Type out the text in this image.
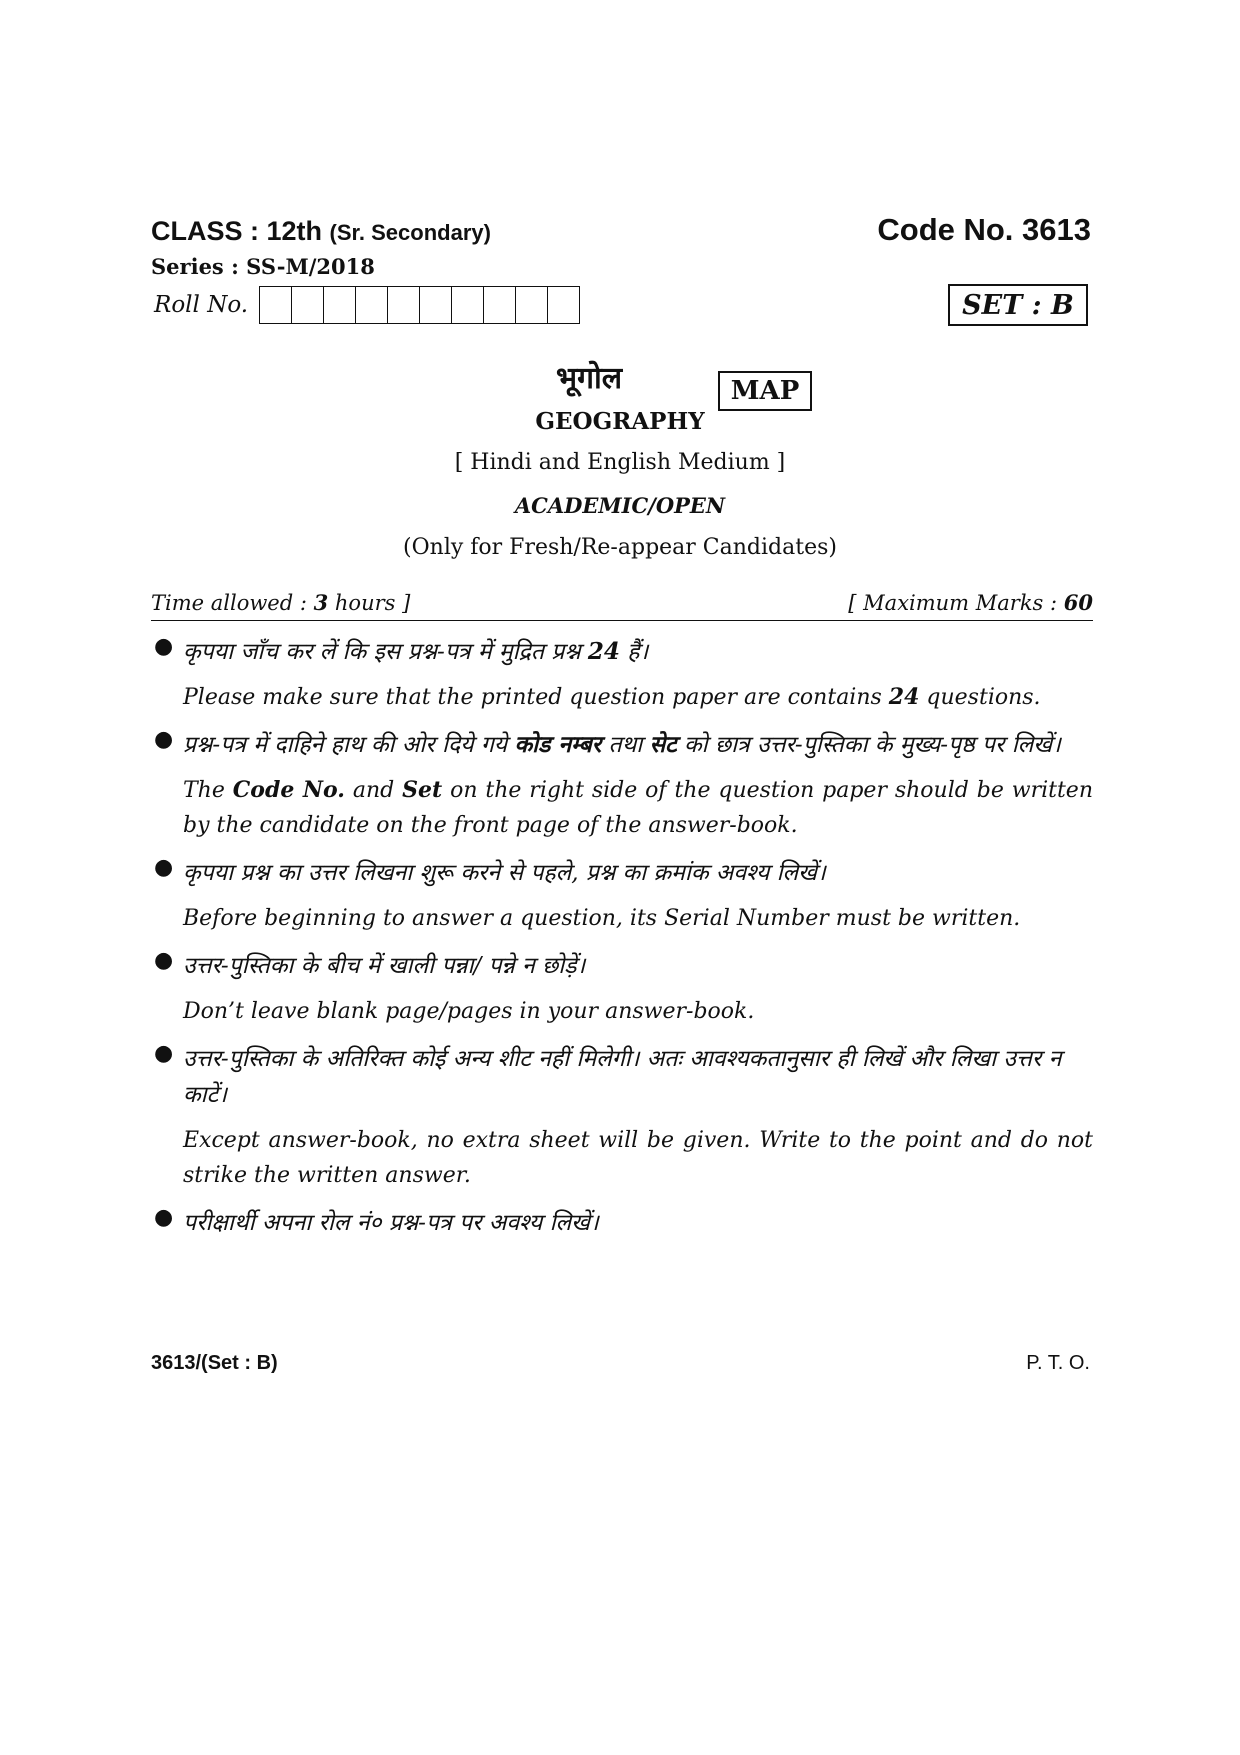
CLASS : 12th (Sr. Secondary)
Series : SS-M/2018
Code No. 3613
Roll No.	SET : B
भूगोल	MAP
GEOGRAPHY
[ Hindi and English Medium ]
ACADEMIC/OPEN
(Only for Fresh/Re-appear Candidates)
Time allowed : 3 hours ]	[ Maximum Marks : 60
● कृपया जाँच कर लें कि इस प्रश्न-पत्र में मुद्रित प्रश्न 24 हैं।

Please make sure that the printed question paper are contains 24 questions.

● प्रश्न-पत्र में दाहिने हाथ की ओर दिये गये कोड नम्बर तथा सेट को छात्र उत्तर-पुस्तिका के मुख्य-पृष्ठ पर लिखें।

The Code No. and Set on the right side of the question paper should be written by the candidate on the front page of the answer-book.

● कृपया प्रश्न का उत्तर लिखना शुरू करने से पहले, प्रश्न का क्रमांक अवश्य लिखें।

Before beginning to answer a question, its Serial Number must be written.

● उत्तर-पुस्तिका के बीच में खाली पन्ना/ पन्ने न छोड़ें।

Don’t leave blank page/pages in your answer-book.

● उत्तर-पुस्तिका के अतिरिक्त कोई अन्य शीट नहीं मिलेगी। अतः आवश्यकतानुसार ही लिखें और लिखा उत्तर न काटें।

Except answer-book, no extra sheet will be given. Write to the point and do not strike the written answer.

● परीक्षार्थी अपना रोल नं० प्रश्न-पत्र पर अवश्य लिखें।

3613/(Set : B)	P. T. O.
